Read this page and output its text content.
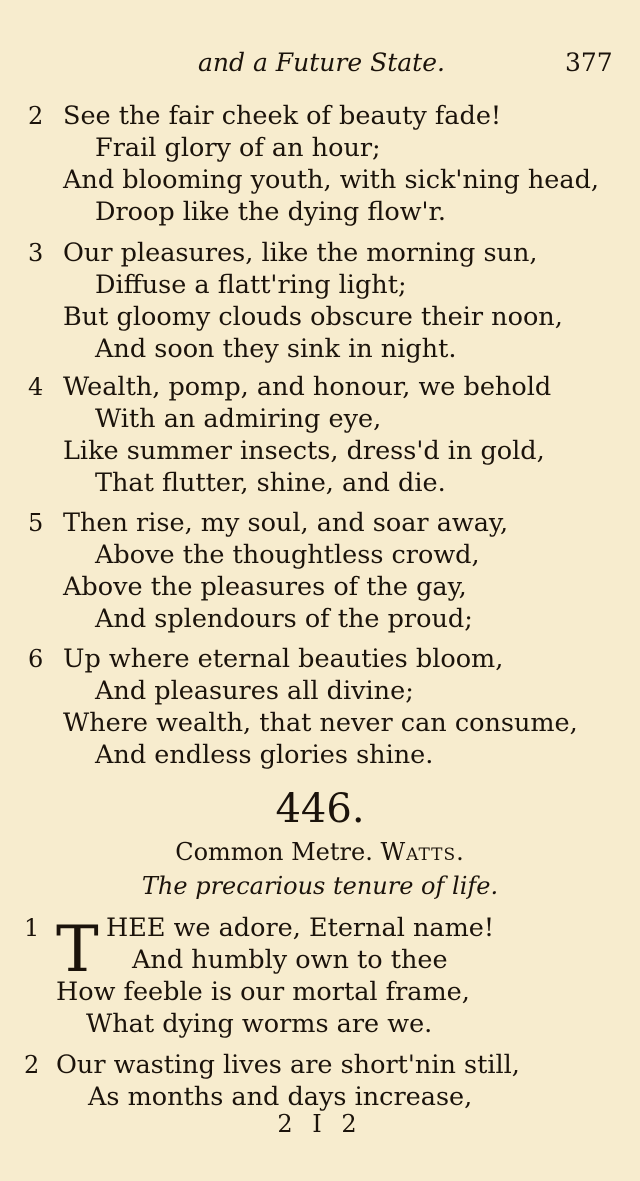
and a Future State.	377
2 See the fair cheek of beauty fade!
Frail glory of an hour;
And blooming youth, with sick'ning head,
Droop like the dying flow'r.
3 Our pleasures, like the morning sun,
Diffuse a flatt'ring light;
But gloomy clouds obscure their noon,
And soon they sink in night.
4 Wealth, pomp, and honour, we behold
With an admiring eye,
Like summer insects, dress'd in gold,
That flutter, shine, and die.
5 Then rise, my soul, and soar away,
Above the thoughtless crowd,
Above the pleasures of the gay,
And splendours of the proud;
6 Up where eternal beauties bloom,
And pleasures all divine;
Where wealth, that never can consume,
And endless glories shine.
446.
Common Metre. Watts.
The precarious tenure of life.
T
1	HEE we adore, Eternal name!
And humbly own to thee
How feeble is our mortal frame,
What dying worms are we.
2 Our wasting lives are short'nin still,
As months and days increase,
2 I 2
